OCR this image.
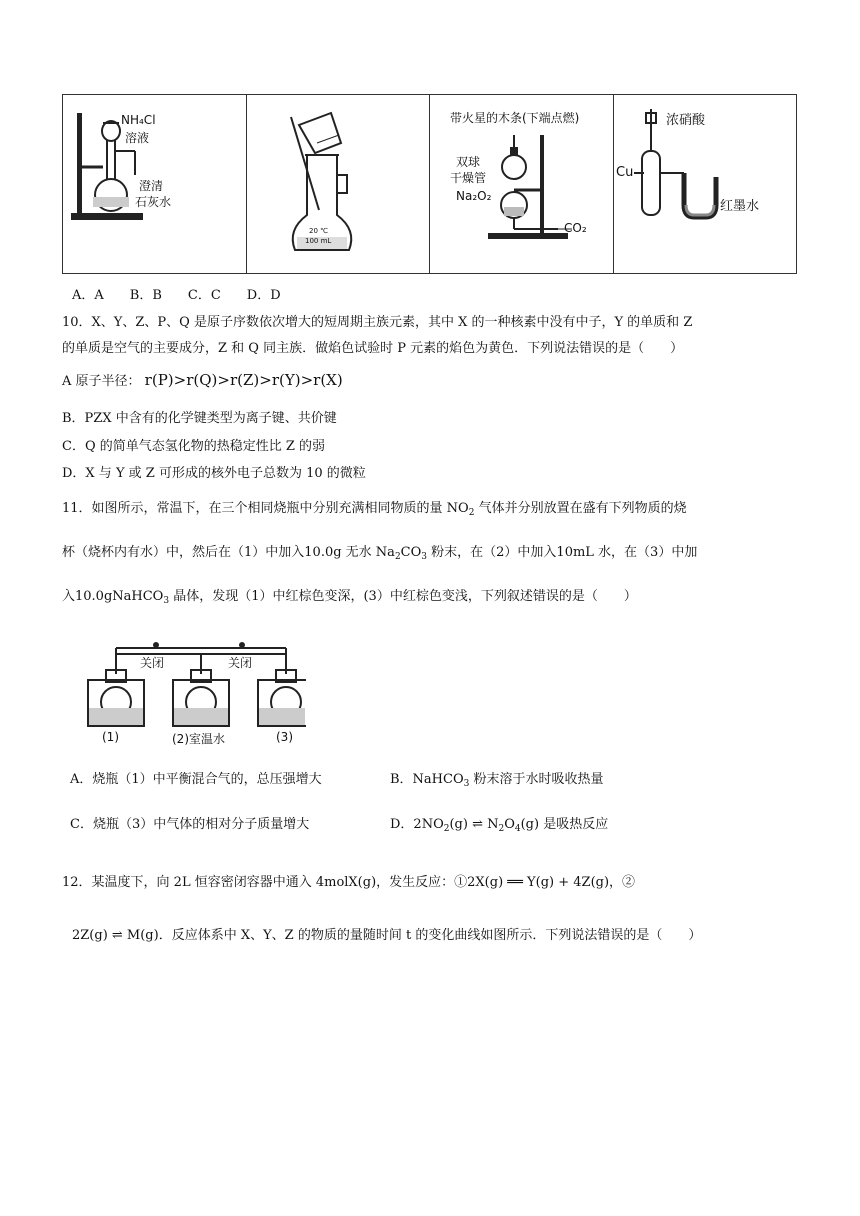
NH₄Cl
溶液
澄清
石灰水
20 ℃
100 mL
带火星的木条(下端点燃)
双球
干燥管
Na₂O₂
CO₂
浓硝酸
Cu
红墨水
A．A　　B．B　　C．C　　D．D
10．X、Y、Z、P、Q 是原子序数依次增大的短周期主族元素，其中 X 的一种核素中没有中子，Y 的单质和 Z
的单质是空气的主要成分，Z 和 Q 同主族．做焰色试验时 P 元素的焰色为黄色．下列说法错误的是（　　）
A 原子半径： r(P)>r(Q)>r(Z)>r(Y)>r(X)
B．PZX 中含有的化学键类型为离子键、共价键
C．Q 的简单气态氢化物的热稳定性比 Z 的弱
D．X 与 Y 或 Z 可形成的核外电子总数为 10 的微粒
11．如图所示，常温下，在三个相同烧瓶中分别充满相同物质的量 $NO_2$ 气体并分别放置在盛有下列物质的烧
杯（烧杯内有水）中，然后在（1）中加入10.0g 无水 $Na_2CO_3$ 粉末，在（2）中加入10mL 水，在（3）中加
入10.0gNaHCO$_3$ 晶体，发现（1）中红棕色变深，(3）中红棕色变浅，下列叙述错误的是（　　）
关闭	关闭
(1)	(2)室温水	(3)
A．烧瓶（1）中平衡混合气的，总压强增大	B．NaHCO$_3$ 粉末溶于水时吸收热量
C．烧瓶（3）中气体的相对分子质量增大	D．$2NO_2(g)$ ⇌ $N_2O_4(g)$ 是吸热反应
12．某温度下，向 2L 恒容密闭容器中通入 4molX(g)，发生反应：①2X(g) ══ Y(g) + 4Z(g)，②
2Z(g) ⇌ M(g)．反应体系中 X、Y、Z 的物质的量随时间 t 的变化曲线如图所示．下列说法错误的是（　　）
